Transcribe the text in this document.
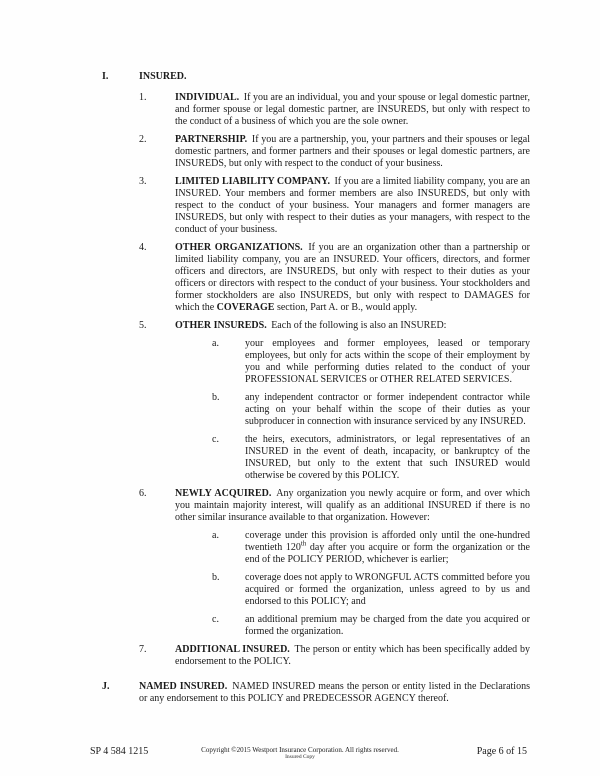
I.	INSURED.
1.	INDIVIDUAL. If you are an individual, you and your spouse or legal domestic partner, and former spouse or legal domestic partner, are INSUREDS, but only with respect to the conduct of a business of which you are the sole owner.
2.	PARTNERSHIP. If you are a partnership, you, your partners and their spouses or legal domestic partners, and former partners and their spouses or legal domestic partners, are INSUREDS, but only with respect to the conduct of your business.
3.	LIMITED LIABILITY COMPANY. If you are a limited liability company, you are an INSURED. Your members and former members are also INSUREDS, but only with respect to the conduct of your business. Your managers and former managers are INSUREDS, but only with respect to their duties as your managers, with respect to the conduct of your business.
4.	OTHER ORGANIZATIONS. If you are an organization other than a partnership or limited liability company, you are an INSURED. Your officers, directors, and former officers and directors, are INSUREDS, but only with respect to their duties as your officers or directors with respect to the conduct of your business. Your stockholders and former stockholders are also INSUREDS, but only with respect to DAMAGES for which the COVERAGE section, Part A. or B., would apply.
5.	OTHER INSUREDS. Each of the following is also an INSURED:
a.	your employees and former employees, leased or temporary employees, but only for acts within the scope of their employment by you and while performing duties related to the conduct of your PROFESSIONAL SERVICES or OTHER RELATED SERVICES.
b.	any independent contractor or former independent contractor while acting on your behalf within the scope of their duties as your subproducer in connection with insurance serviced by any INSURED.
c.	the heirs, executors, administrators, or legal representatives of an INSURED in the event of death, incapacity, or bankruptcy of the INSURED, but only to the extent that such INSURED would otherwise be covered by this POLICY.
6.	NEWLY ACQUIRED. Any organization you newly acquire or form, and over which you maintain majority interest, will qualify as an additional INSURED if there is no other similar insurance available to that organization. However:
a.	coverage under this provision is afforded only until the one-hundred twentieth 120th day after you acquire or form the organization or the end of the POLICY PERIOD, whichever is earlier;
b.	coverage does not apply to WRONGFUL ACTS committed before you acquired or formed the organization, unless agreed to by us and endorsed to this POLICY; and
c.	an additional premium may be charged from the date you acquired or formed the organization.
7.	ADDITIONAL INSURED. The person or entity which has been specifically added by endorsement to the POLICY.
J.	NAMED INSURED. NAMED INSURED means the person or entity listed in the Declarations or any endorsement to this POLICY and PREDECESSOR AGENCY thereof.
SP 4 584 1215	Copyright ©2015 Westport Insurance Corporation. All rights reserved.
Insured Copy	Page 6 of 15
